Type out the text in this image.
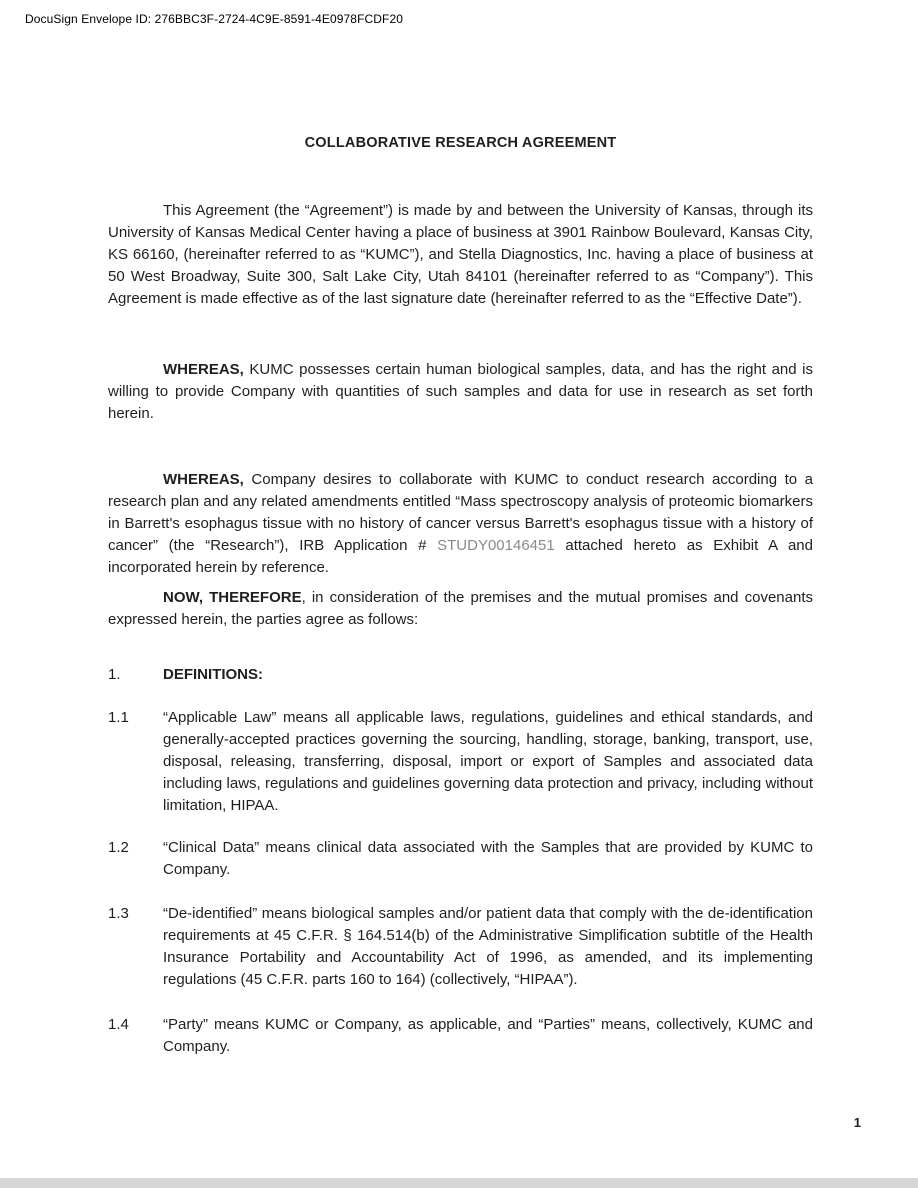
DocuSign Envelope ID: 276BBC3F-2724-4C9E-8591-4E0978FCDF20

COLLABORATIVE RESEARCH AGREEMENT

This Agreement (the “Agreement”) is made by and between the University of Kansas, through its University of Kansas Medical Center having a place of business at 3901 Rainbow Boulevard, Kansas City, KS 66160, (hereinafter referred to as “KUMC”), and Stella Diagnostics, Inc. having a place of business at 50 West Broadway, Suite 300, Salt Lake City, Utah 84101 (hereinafter referred to as “Company”). This Agreement is made effective as of the last signature date (hereinafter referred to as the “Effective Date”).

WHEREAS, KUMC possesses certain human biological samples, data, and has the right and is willing to provide Company with quantities of such samples and data for use in research as set forth herein.

WHEREAS, Company desires to collaborate with KUMC to conduct research according to a research plan and any related amendments entitled “Mass spectroscopy analysis of proteomic biomarkers in Barrett's esophagus tissue with no history of cancer versus Barrett's esophagus tissue with a history of cancer” (the “Research”), IRB Application # STUDY00146451 attached hereto as Exhibit A and incorporated herein by reference.

NOW, THEREFORE, in consideration of the premises and the mutual promises and covenants expressed herein, the parties agree as follows:

1.	DEFINITIONS:
1.1	“Applicable Law” means all applicable laws, regulations, guidelines and ethical standards, and generally-accepted practices governing the sourcing, handling, storage, banking, transport, use, disposal, releasing, transferring, disposal, import or export of Samples and associated data including laws, regulations and guidelines governing data protection and privacy, including without limitation, HIPAA.
1.2	“Clinical Data” means clinical data associated with the Samples that are provided by KUMC to Company.
1.3	“De-identified” means biological samples and/or patient data that comply with the de-identification requirements at 45 C.F.R. § 164.514(b) of the Administrative Simplification subtitle of the Health Insurance Portability and Accountability Act of 1996, as amended, and its implementing regulations (45 C.F.R. parts 160 to 164) (collectively, “HIPAA”).
1.4	“Party” means KUMC or Company, as applicable, and “Parties” means, collectively, KUMC and Company.
1
